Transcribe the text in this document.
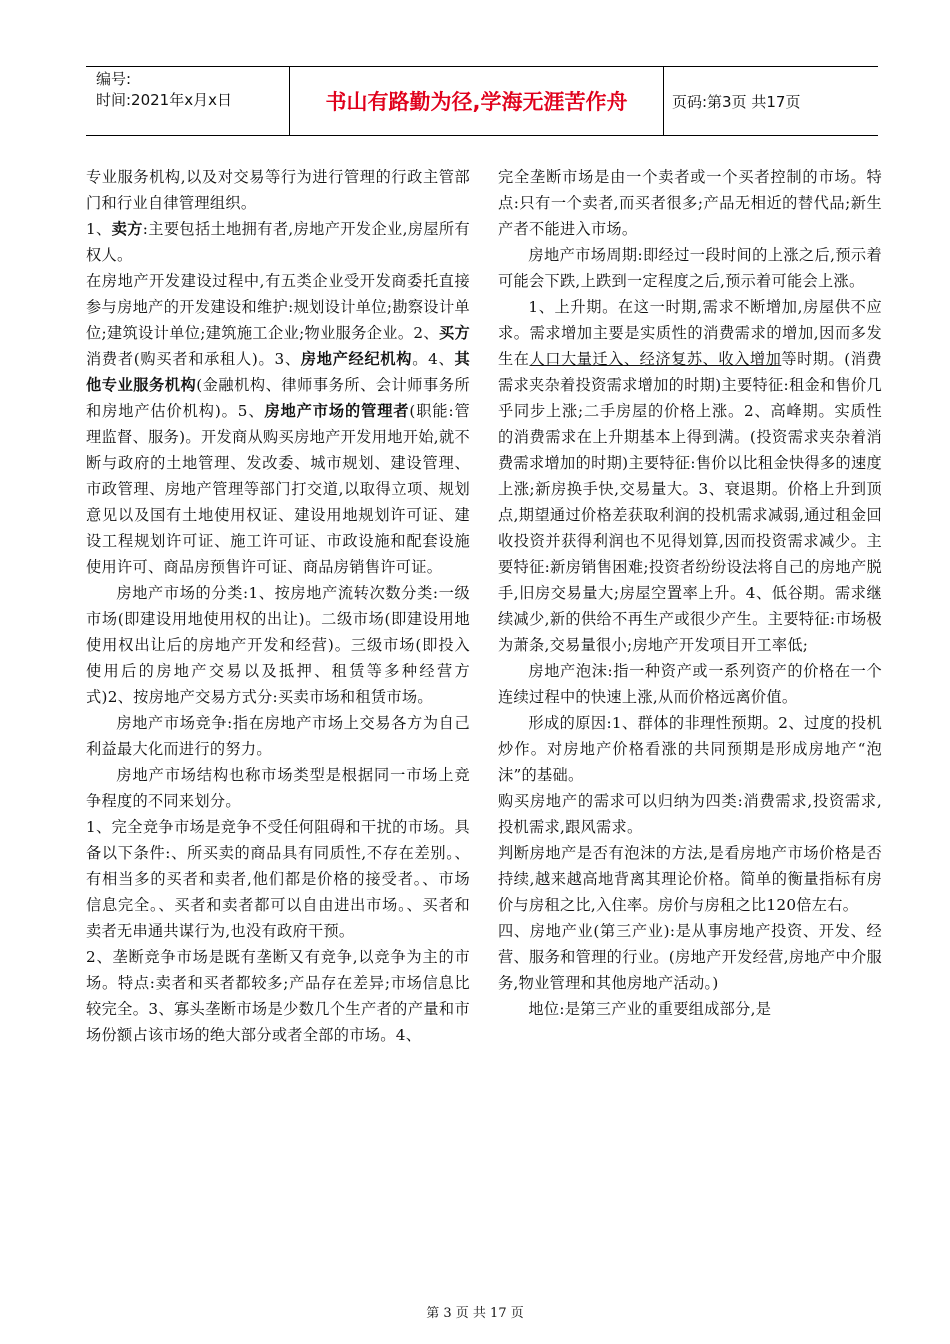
编号:
时间:2021年x月x日	书山有路勤为径,学海无涯苦作舟	页码:第3页 共17页

专业服务机构,以及对交易等行为进行管理的行政主管部门和行业自律管理组织。

1、卖方:主要包括土地拥有者,房地产开发企业,房屋所有权人。

在房地产开发建设过程中,有五类企业受开发商委托直接参与房地产的开发建设和维护:规划设计单位;勘察设计单位;建筑设计单位;建筑施工企业;物业服务企业。2、买方消费者(购买者和承租人)。3、房地产经纪机构。4、其他专业服务机构(金融机构、律师事务所、会计师事务所和房地产估价机构)。5、房地产市场的管理者(职能:管理监督、服务)。开发商从购买房地产开发用地开始,就不断与政府的土地管理、发改委、城市规划、建设管理、市政管理、房地产管理等部门打交道,以取得立项、规划意见以及国有土地使用权证、建设用地规划许可证、建设工程规划许可证、施工许可证、市政设施和配套设施使用许可、商品房预售许可证、商品房销售许可证。

房地产市场的分类:1、按房地产流转次数分类:一级市场(即建设用地使用权的出让)。二级市场(即建设用地使用权出让后的房地产开发和经营)。三级市场(即投入使用后的房地产交易以及抵押、租赁等多种经营方式)2、按房地产交易方式分:买卖市场和租赁市场。

房地产市场竞争:指在房地产市场上交易各方为自己利益最大化而进行的努力。

房地产市场结构也称市场类型是根据同一市场上竞争程度的不同来划分。

1、完全竞争市场是竞争不受任何阻碍和干扰的市场。具备以下条件:、所买卖的商品具有同质性,不存在差别。、有相当多的买者和卖者,他们都是价格的接受者。、市场信息完全。、买者和卖者都可以自由进出市场。、买者和卖者无串通共谋行为,也没有政府干预。

2、垄断竞争市场是既有垄断又有竞争,以竞争为主的市场。特点:卖者和买者都较多;产品存在差异;市场信息比较完全。3、寡头垄断市场是少数几个生产者的产量和市场份额占该市场的绝大部分或者全部的市场。4、

完全垄断市场是由一个卖者或一个买者控制的市场。特点:只有一个卖者,而买者很多;产品无相近的替代品;新生产者不能进入市场。

房地产市场周期:即经过一段时间的上涨之后,预示着可能会下跌,上跌到一定程度之后,预示着可能会上涨。

1、上升期。在这一时期,需求不断增加,房屋供不应求。需求增加主要是实质性的消费需求的增加,因而多发生在人口大量迁入、经济复苏、收入增加等时期。(消费需求夹杂着投资需求增加的时期)主要特征:租金和售价几乎同步上涨;二手房屋的价格上涨。2、高峰期。实质性的消费需求在上升期基本上得到满。(投资需求夹杂着消费需求增加的时期)主要特征:售价以比租金快得多的速度上涨;新房换手快,交易量大。3、衰退期。价格上升到顶点,期望通过价格差获取利润的投机需求减弱,通过租金回收投资并获得利润也不见得划算,因而投资需求减少。主要特征:新房销售困难;投资者纷纷设法将自己的房地产脱手,旧房交易量大;房屋空置率上升。4、低谷期。需求继续减少,新的供给不再生产或很少产生。主要特征:市场极为萧条,交易量很小;房地产开发项目开工率低;

房地产泡沫:指一种资产或一系列资产的价格在一个连续过程中的快速上涨,从而价格远离价值。

形成的原因:1、群体的非理性预期。2、过度的投机炒作。对房地产价格看涨的共同预期是形成房地产“泡沫”的基础。

购买房地产的需求可以归纳为四类:消费需求,投资需求,投机需求,跟风需求。

判断房地产是否有泡沫的方法,是看房地产市场价格是否持续,越来越高地背离其理论价格。简单的衡量指标有房价与房租之比,入住率。房价与房租之比120倍左右。

四、房地产业(第三产业):是从事房地产投资、开发、经营、服务和管理的行业。(房地产开发经营,房地产中介服务,物业管理和其他房地产活动。)

地位:是第三产业的重要组成部分,是

第 3 页 共 17 页
